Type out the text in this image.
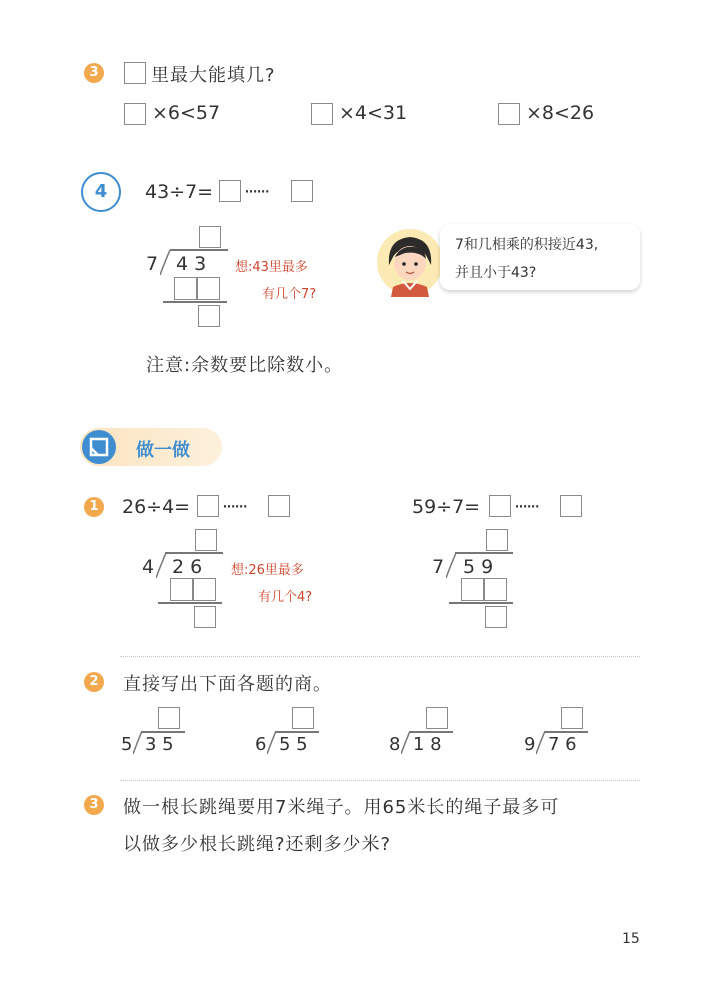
3	里最大能填几?
×6<57	×4<31	×8<26
4	43÷7= ······
7 4 3 想:43里最多
有几个7?
7和几相乘的积接近43,
并且小于43?
注意:余数要比除数小。
做一做
1 26÷4= ······	59÷7= ······
4 2 6 想:26里最多
有几个4?
7 5 9
2	直接写出下面各题的商。
5 3 5	6 5 5	8 1 8	9 7 6
3	做一根长跳绳要用7米绳子。用65米长的绳子最多可
以做多少根长跳绳?还剩多少米?
15
